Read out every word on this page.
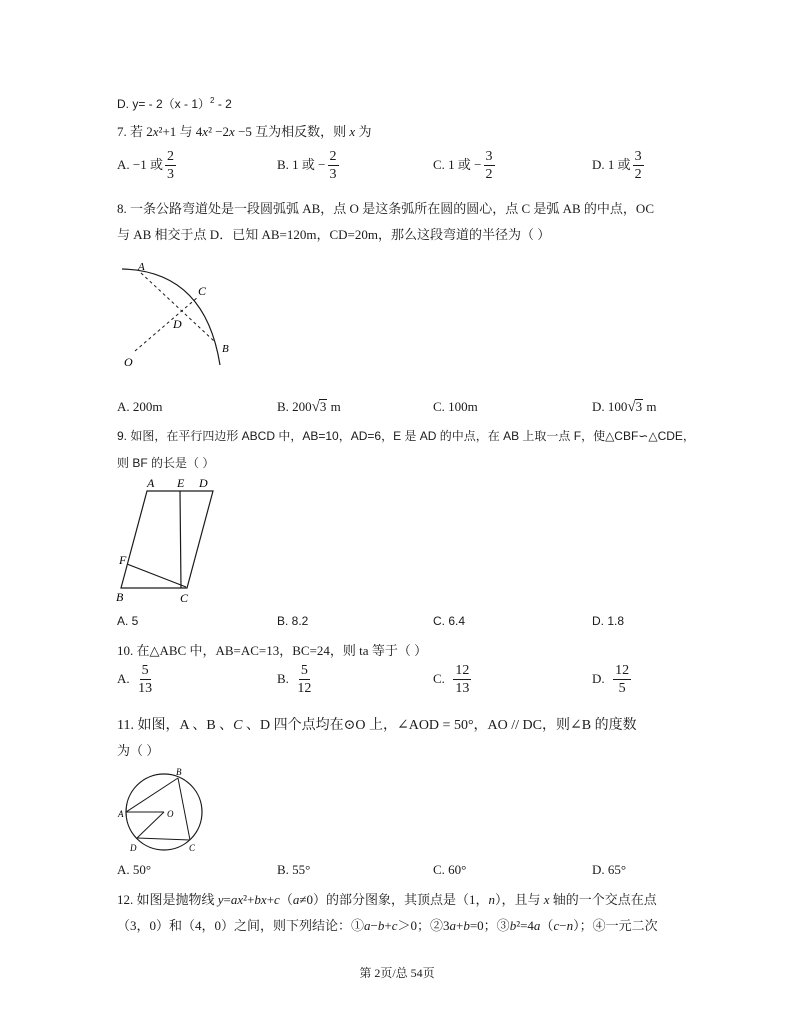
D. y= - 2（x - 1）$^2$ - 2
7. 若 2x²+1 与 4x² −2x −5 互为相反数，则 x 为
A. −1 或 $\frac{2}{3}$	B. 1 或 − $\frac{2}{3}$	C. 1 或 − $\frac{3}{2}$	D. 1 或 $\frac{3}{2}$
8. 一条公路弯道处是一段圆弧弧 AB，点 O 是这条弧所在圆的圆心，点 C 是弧 AB 的中点，OC
与 AB 相交于点 D．已知 AB=120m，CD=20m，那么这段弯道的半径为（ ）
A
C
D
O
B
A. 200m	B. 200√3 m	C. 100m	D. 100√3 m
9. 如图，在平行四边形 ABCD 中，AB=10，AD=6，E 是 AD 的中点，在 AB 上取一点 F，使△CBF∽△CDE，
则 BF 的长是（ ）
A E D
F
B	C
A. 5	B. 8.2	C. 6.4	D. 1.8
10. 在△ABC 中，AB=AC=13，BC=24，则 ta 等于（ ）
A. $\frac{5}{13}$	B. $\frac{5}{12}$	C. $\frac{12}{13}$	D. $\frac{12}{5}$
11. 如图，A 、B 、C 、D 四个点均在⊙O 上，∠AOD = 50°，AO // DC，则∠B 的度数
为（ ）
B
A	O
D	C
A. 50°	B. 55°	C. 60°	D. 65°
12. 如图是抛物线 y=ax²+bx+c（a≠0）的部分图象，其顶点是（1，n），且与 x 轴的一个交点在点
（3，0）和（4，0）之间，则下列结论：①a−b+c＞0；②3a+b=0；③b²=4a（c−n）；④一元二次
第 2页/总 54页
